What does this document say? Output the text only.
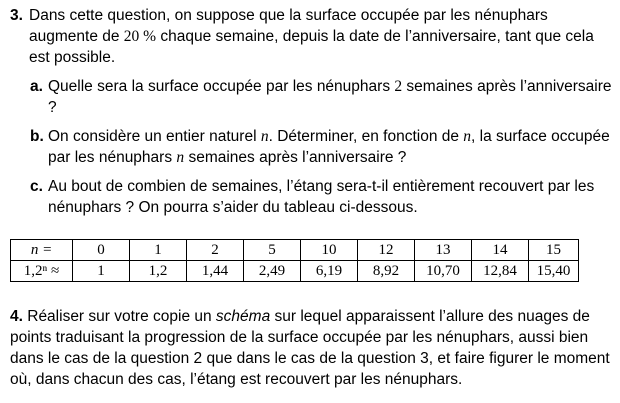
3. Dans cette question, on suppose que la surface occupée par les nénuphars augmente de 20 % chaque semaine, depuis la date de l’anniversaire, tant que cela est possible.
a. Quelle sera la surface occupée par les nénuphars 2 semaines après l’anniversaire ?
b. On considère un entier naturel n. Déterminer, en fonction de n, la surface occupée par les nénuphars n semaines après l’anniversaire ?
c. Au bout de combien de semaines, l’étang sera-t-il entièrement recouvert par les nénuphars ? On pourra s’aider du tableau ci-dessous.
n =	0	1	2	5	10	12	13	14	15
1,2ⁿ ≈	1	1,2	1,44	2,49	6,19	8,92	10,70	12,84	15,40
4. Réaliser sur votre copie un schéma sur lequel apparaissent l’allure des nuages de points traduisant la progression de la surface occupée par les nénuphars, aussi bien dans le cas de la question 2 que dans le cas de la question 3, et faire figurer le moment où, dans chacun des cas, l’étang est recouvert par les nénuphars.
